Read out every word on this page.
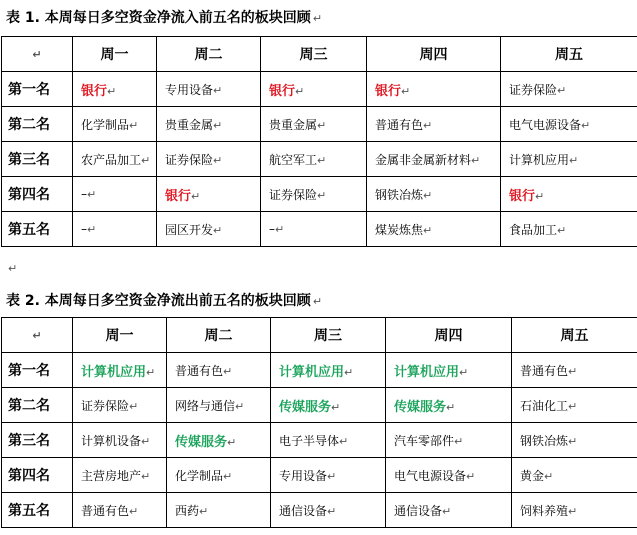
表 1. 本周每日多空资金净流入前五名的板块回顾 ↵
↵	周一	周二	周三	周四	周五
第一名	银行↵	专用设备↵	银行↵	银行↵	证券保险↵
第二名	化学制品↵	贵重金属↵	贵重金属↵	普通有色↵	电气电源设备↵
第三名	农产品加工↵	证券保险↵	航空军工↵	金属非金属新材料↵	计算机应用↵
第四名	–↵	银行↵	证券保险↵	钢铁冶炼↵	银行↵
第五名	–↵	园区开发↵	–↵	煤炭炼焦↵	食品加工↵
↵
表 2. 本周每日多空资金净流出前五名的板块回顾 ↵
↵	周一	周二	周三	周四	周五
第一名	计算机应用↵	普通有色↵	计算机应用↵	计算机应用↵	普通有色↵
第二名	证券保险↵	网络与通信↵	传媒服务↵	传媒服务↵	石油化工↵
第三名	计算机设备↵	传媒服务↵	电子半导体↵	汽车零部件↵	钢铁冶炼↵
第四名	主营房地产↵	化学制品↵	专用设备↵	电气电源设备↵	黄金↵
第五名	普通有色↵	西药↵	通信设备↵	通信设备↵	饲料养殖↵
